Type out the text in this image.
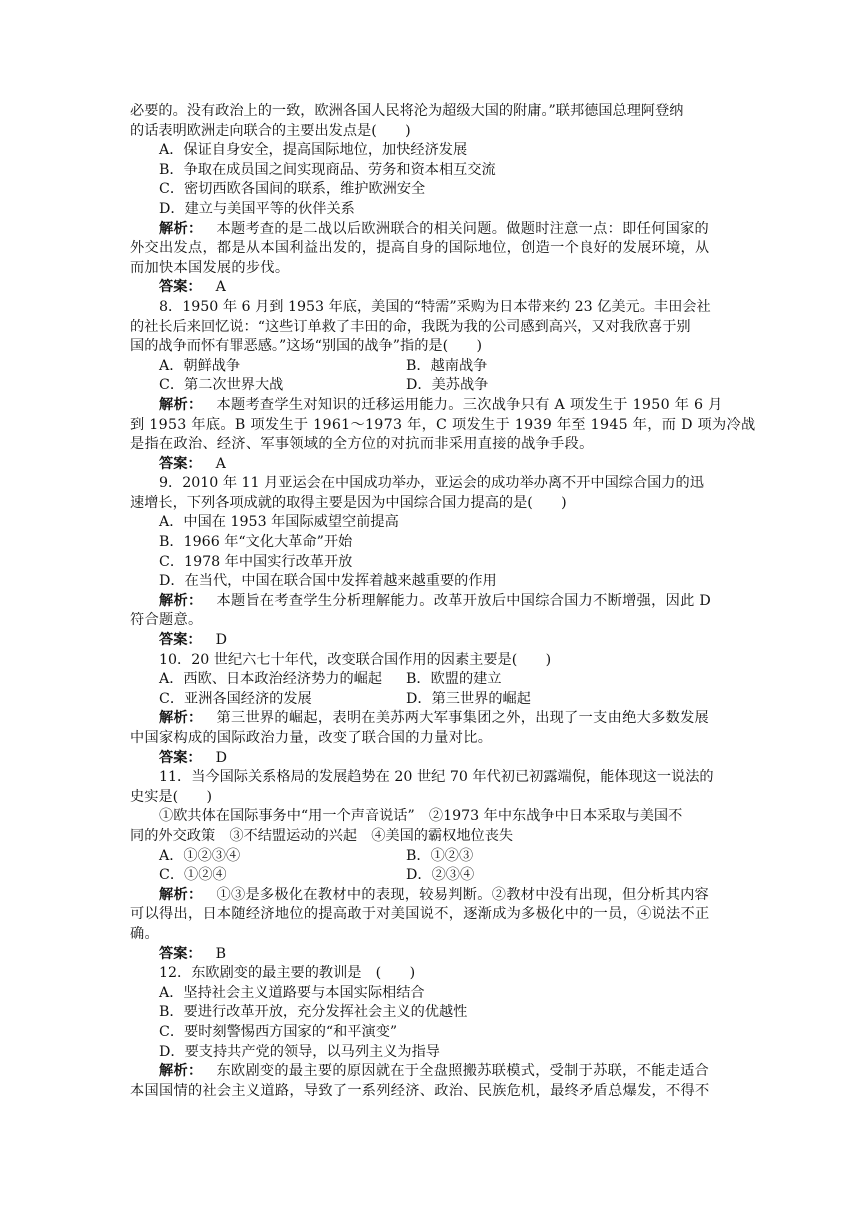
必要的。没有政治上的一致，欧洲各国人民将沦为超级大国的附庸。”联邦德国总理阿登纳
的话表明欧洲走向联合的主要出发点是(　　)
A．保证自身安全，提高国际地位，加快经济发展
B．争取在成员国之间实现商品、劳务和资本相互交流
C．密切西欧各国间的联系，维护欧洲安全
D．建立与美国平等的伙伴关系
解析： 本题考查的是二战以后欧洲联合的相关问题。做题时注意一点：即任何国家的
外交出发点，都是从本国利益出发的，提高自身的国际地位，创造一个良好的发展环境，从
而加快本国发展的步伐。
答案： A
8．1950 年 6 月到 1953 年底，美国的“特需”采购为日本带来约 23 亿美元。丰田会社
的社长后来回忆说：“这些订单救了丰田的命，我既为我的公司感到高兴，又对我欣喜于别
国的战争而怀有罪恶感。”这场“别国的战争”指的是(　　)
A．朝鲜战争	B．越南战争
C．第二次世界大战	D．美苏战争
解析： 本题考查学生对知识的迁移运用能力。三次战争只有 A 项发生于 1950 年 6 月
到 1953 年底。B 项发生于 1961～1973 年，C 项发生于 1939 年至 1945 年，而 D 项为冷战
是指在政治、经济、军事领域的全方位的对抗而非采用直接的战争手段。
答案： A
9．2010 年 11 月亚运会在中国成功举办，亚运会的成功举办离不开中国综合国力的迅
速增长，下列各项成就的取得主要是因为中国综合国力提高的是(　　)
A．中国在 1953 年国际威望空前提高
B．1966 年“文化大革命”开始
C．1978 年中国实行改革开放
D．在当代，中国在联合国中发挥着越来越重要的作用
解析： 本题旨在考查学生分析理解能力。改革开放后中国综合国力不断增强，因此 D
符合题意。
答案： D
10．20 世纪六七十年代，改变联合国作用的因素主要是(　　)
A．西欧、日本政治经济势力的崛起	B．欧盟的建立
C．亚洲各国经济的发展	D．第三世界的崛起
解析： 第三世界的崛起，表明在美苏两大军事集团之外，出现了一支由绝大多数发展
中国家构成的国际政治力量，改变了联合国的力量对比。
答案： D
11．当今国际关系格局的发展趋势在 20 世纪 70 年代初已初露端倪，能体现这一说法的
史实是(　　)
①欧共体在国际事务中“用一个声音说话”　②1973 年中东战争中日本采取与美国不
同的外交政策　③不结盟运动的兴起　④美国的霸权地位丧失
A．①②③④	B．①②③
C．①②④	D．②③④
解析： ①③是多极化在教材中的表现，较易判断。②教材中没有出现，但分析其内容
可以得出，日本随经济地位的提高敢于对美国说不，逐渐成为多极化中的一员，④说法不正
确。
答案： B
12．东欧剧变的最主要的教训是　(　　)
A．坚持社会主义道路要与本国实际相结合
B．要进行改革开放，充分发挥社会主义的优越性
C．要时刻警惕西方国家的“和平演变”
D．要支持共产党的领导，以马列主义为指导
解析： 东欧剧变的最主要的原因就在于全盘照搬苏联模式，受制于苏联，不能走适合
本国国情的社会主义道路，导致了一系列经济、政治、民族危机，最终矛盾总爆发，不得不
